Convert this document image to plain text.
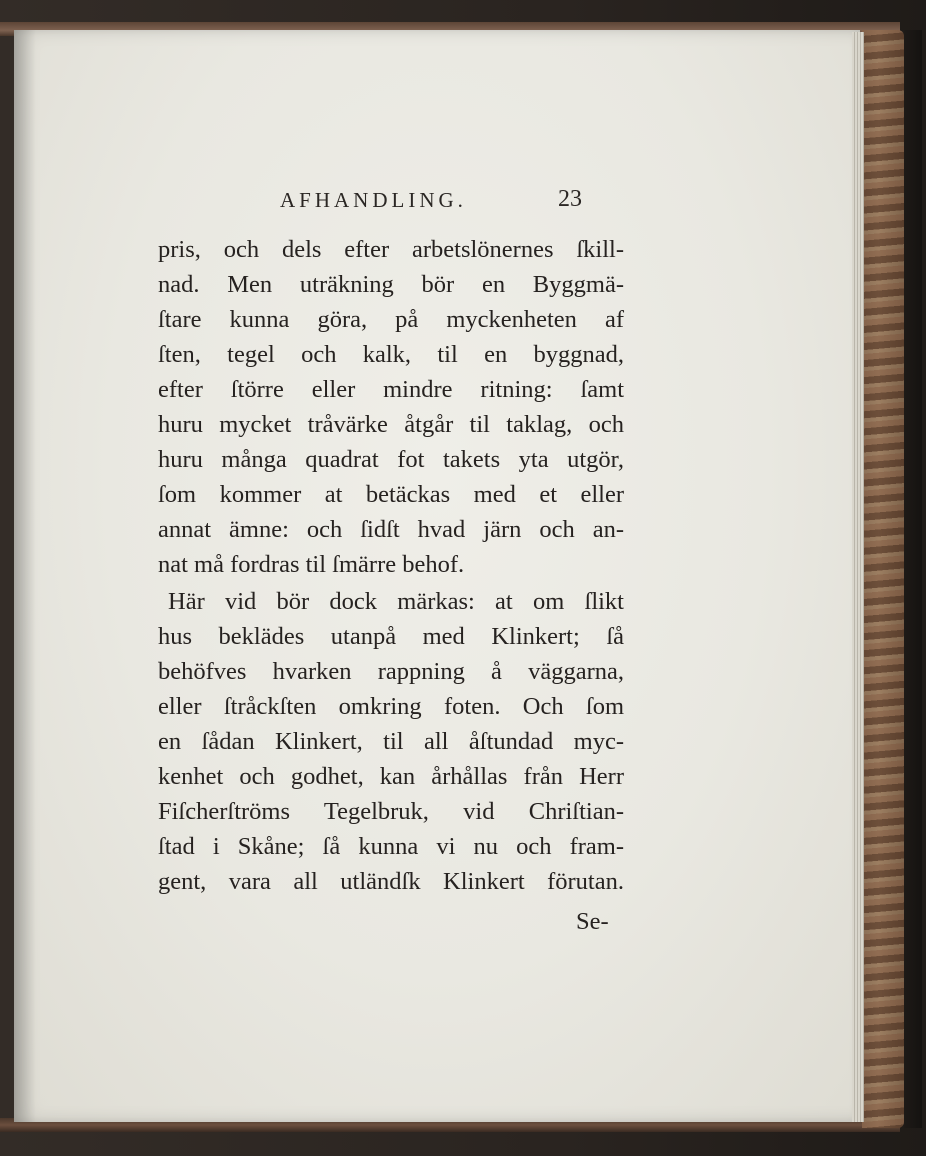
AFHANDLING.	23
pris, och dels efter arbetslönernes ſkill-
nad. Men uträkning bör en Byggmä-
ſtare kunna göra, på myckenheten af
ſten, tegel och kalk, til en byggnad,
efter ſtörre eller mindre ritning: ſamt
huru mycket tråvärke åtgår til taklag, och
huru många quadrat fot takets yta utgör,
ſom kommer at betäckas med et eller
annat ämne: och ſidſt hvad järn och an-
nat må fordras til ſmärre behof.
Här vid bör dock märkas: at om ſlikt
hus beklädes utanpå med Klinkert; ſå
behöfves hvarken rappning å väggarna,
eller ſtråckſten omkring foten. Och ſom
en ſådan Klinkert, til all åſtundad myc-
kenhet och godhet, kan århållas från Herr
Fiſcherſtröms Tegelbruk, vid Chriſtian-
ſtad i Skåne; ſå kunna vi nu och fram-
gent, vara all utländſk Klinkert förutan.
Se-
